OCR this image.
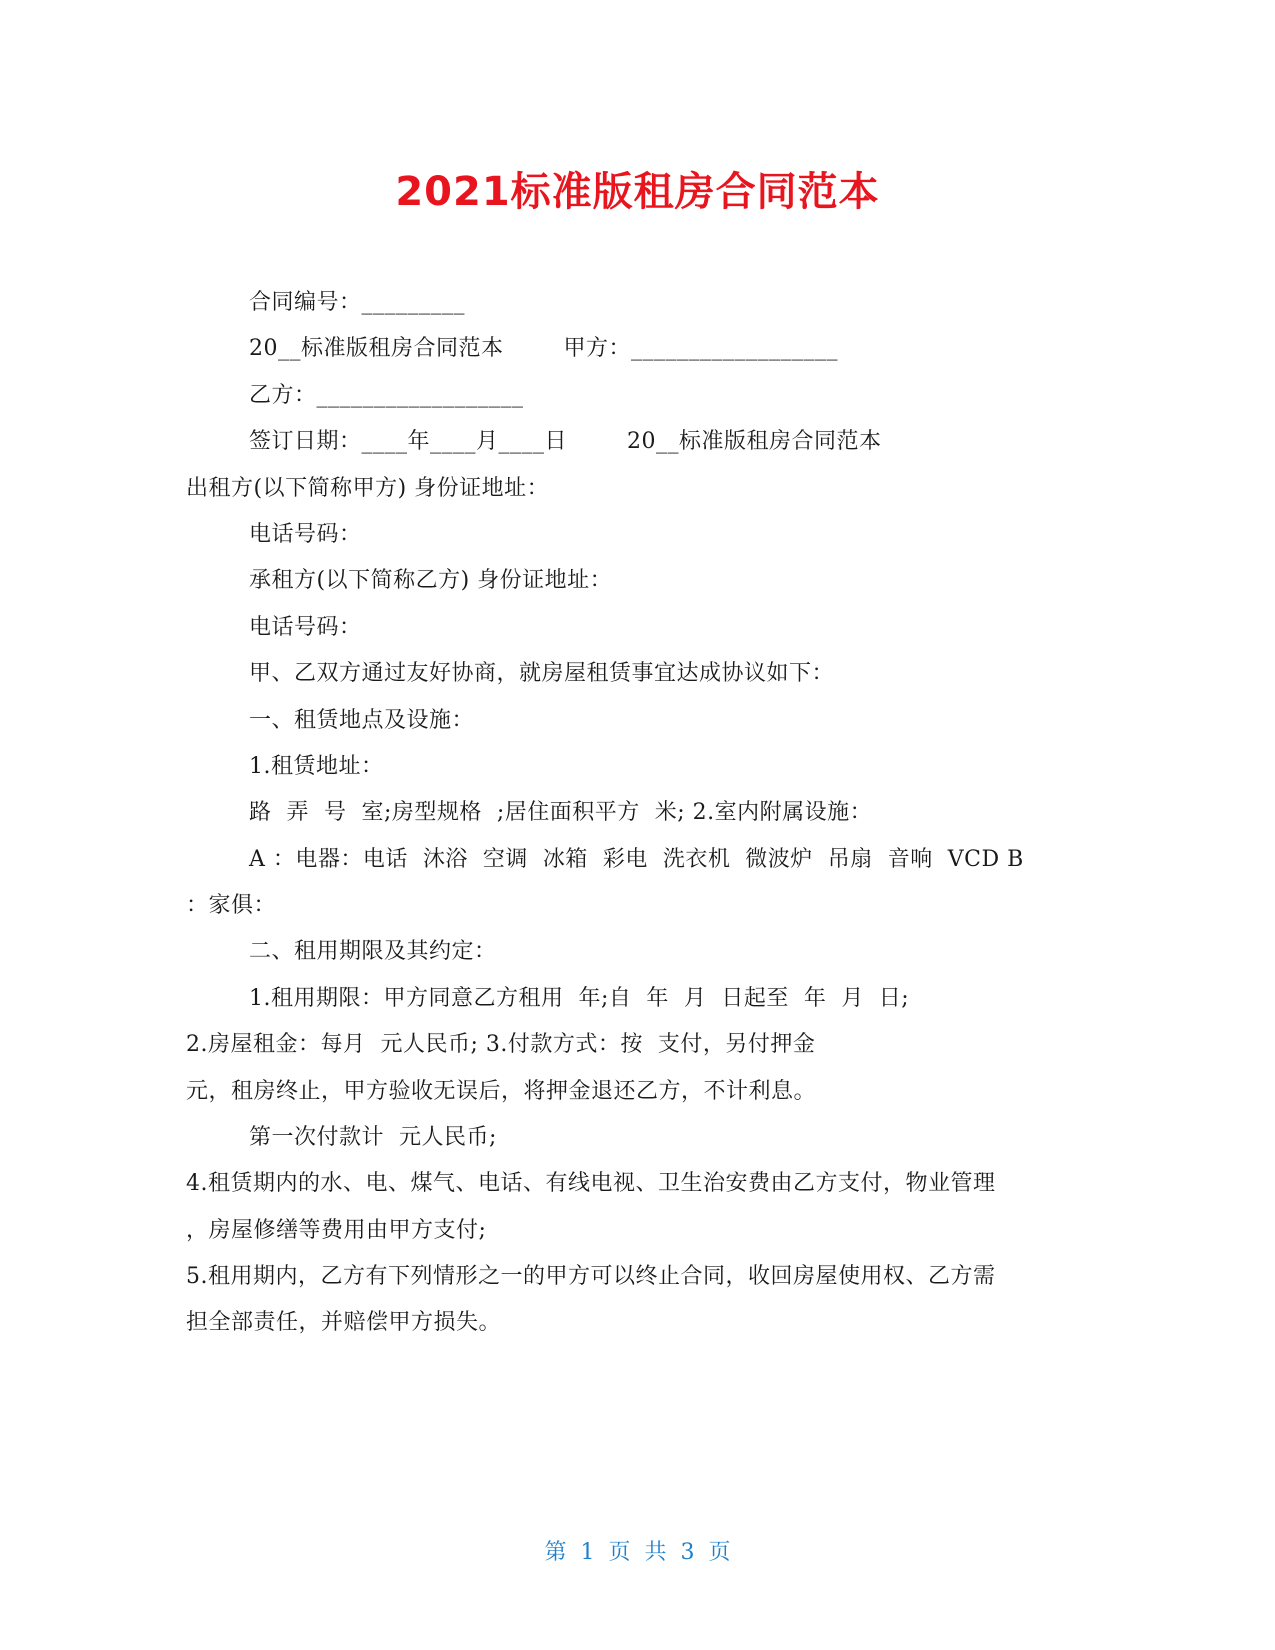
2021标准版租房合同范本
合同编号：_________
20__标准版租房合同范本        甲方：__________________
乙方：__________________
签订日期：____年____月____日        20__标准版租房合同范本
出租方(以下简称甲方) 身份证地址：
电话号码：
承租方(以下简称乙方) 身份证地址：
电话号码：
甲、乙双方通过友好协商，就房屋租赁事宜达成协议如下：
一、租赁地点及设施：
1.租赁地址：
路  弄  号  室;房型规格  ;居住面积平方  米; 2.室内附属设施：
A ：电器：电话  沐浴  空调  冰箱  彩电  洗衣机  微波炉  吊扇  音响  VCD B
：家俱：
二、租用期限及其约定：
1.租用期限：甲方同意乙方租用  年;自  年  月  日起至  年  月  日;
2.房屋租金：每月  元人民币; 3.付款方式：按  支付，另付押金
元，租房终止，甲方验收无误后，将押金退还乙方，不计利息。
第一次付款计  元人民币;
4.租赁期内的水、电、煤气、电话、有线电视、卫生治安费由乙方支付，物业管理
，房屋修缮等费用由甲方支付;
5.租用期内，乙方有下列情形之一的甲方可以终止合同，收回房屋使用权、乙方需
担全部责任，并赔偿甲方损失。
第  1  页  共  3  页
